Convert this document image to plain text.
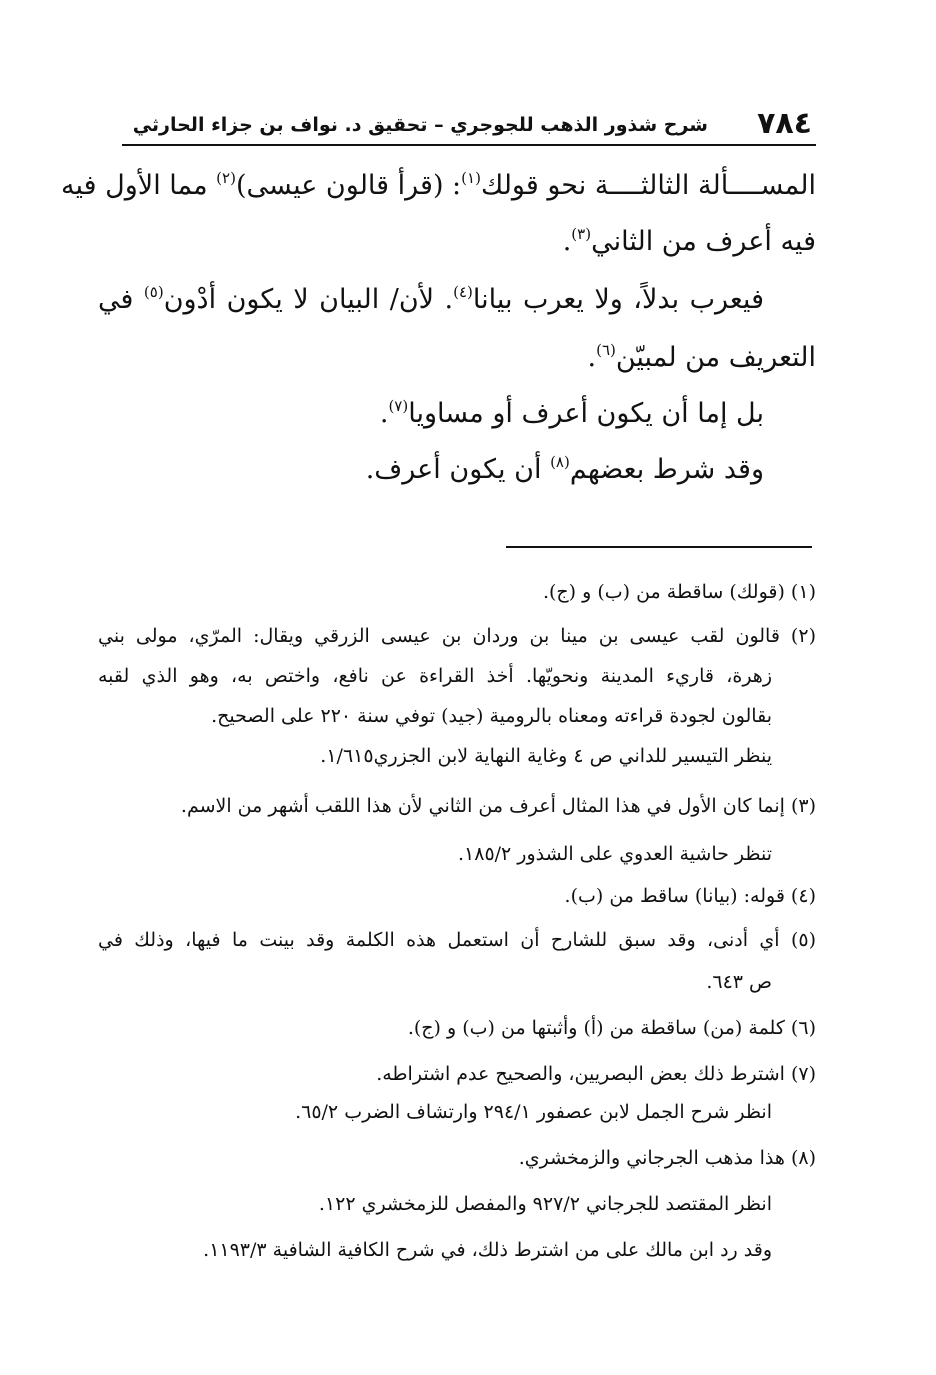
٧٨٤
شرح شذور الذهب للجوجري – تحقيق د. نواف بن جزاء الحارثي
المســــألة الثالثــــة نحو قولك$^{(١)}$: (قرأ قالون عيسى)$^{(٢)}$ مما الأول فيه
فيه أعرف من الثاني$^{(٣)}$.
فيعرب بدلاً، ولا يعرب بيانا$^{(٤)}$. لأن/ البيان لا يكون أدْون$^{(٥)}$ في
التعريف من لمبيّن$^{(٦)}$.
بل إما أن يكون أعرف أو مساويا$^{(٧)}$.
وقد شرط بعضهم$^{(٨)}$ أن يكون أعرف.
(١) (قولك) ساقطة من (ب) و (ج).
(٢) قالون لقب عيسى بن مينا بن وردان بن عيسى الزرقي ويقال: المرّي، مولى بني
زهرة، قاريء المدينة ونحويّها. أخذ القراءة عن نافع، واختص به، وهو الذي لقبه
بقالون لجودة قراءته ومعناه بالرومية (جيد) توفي سنة ٢٢٠ على الصحيح.
ينظر التيسير للداني ص ٤ وغاية النهاية لابن الجزري١/٦١٥.
(٣) إنما كان الأول في هذا المثال أعرف من الثاني لأن هذا اللقب أشهر من الاسم.
تنظر حاشية العدوي على الشذور ١٨٥/٢.
(٤) قوله: (بيانا) ساقط من (ب).
(٥) أي أدنى، وقد سبق للشارح أن استعمل هذه الكلمة وقد بينت ما فيها، وذلك في
ص ٦٤٣.
(٦) كلمة (من) ساقطة من (أ) وأثبتها من (ب) و (ج).
(٧) اشترط ذلك بعض البصريين، والصحيح عدم اشتراطه.
انظر شرح الجمل لابن عصفور ٢٩٤/١ وارتشاف الضرب ٦٥/٢.
(٨) هذا مذهب الجرجاني والزمخشري.
انظر المقتصد للجرجاني ٩٢٧/٢ والمفصل للزمخشري ١٢٢.
وقد رد ابن مالك على من اشترط ذلك، في شرح الكافية الشافية ١١٩٣/٣.
